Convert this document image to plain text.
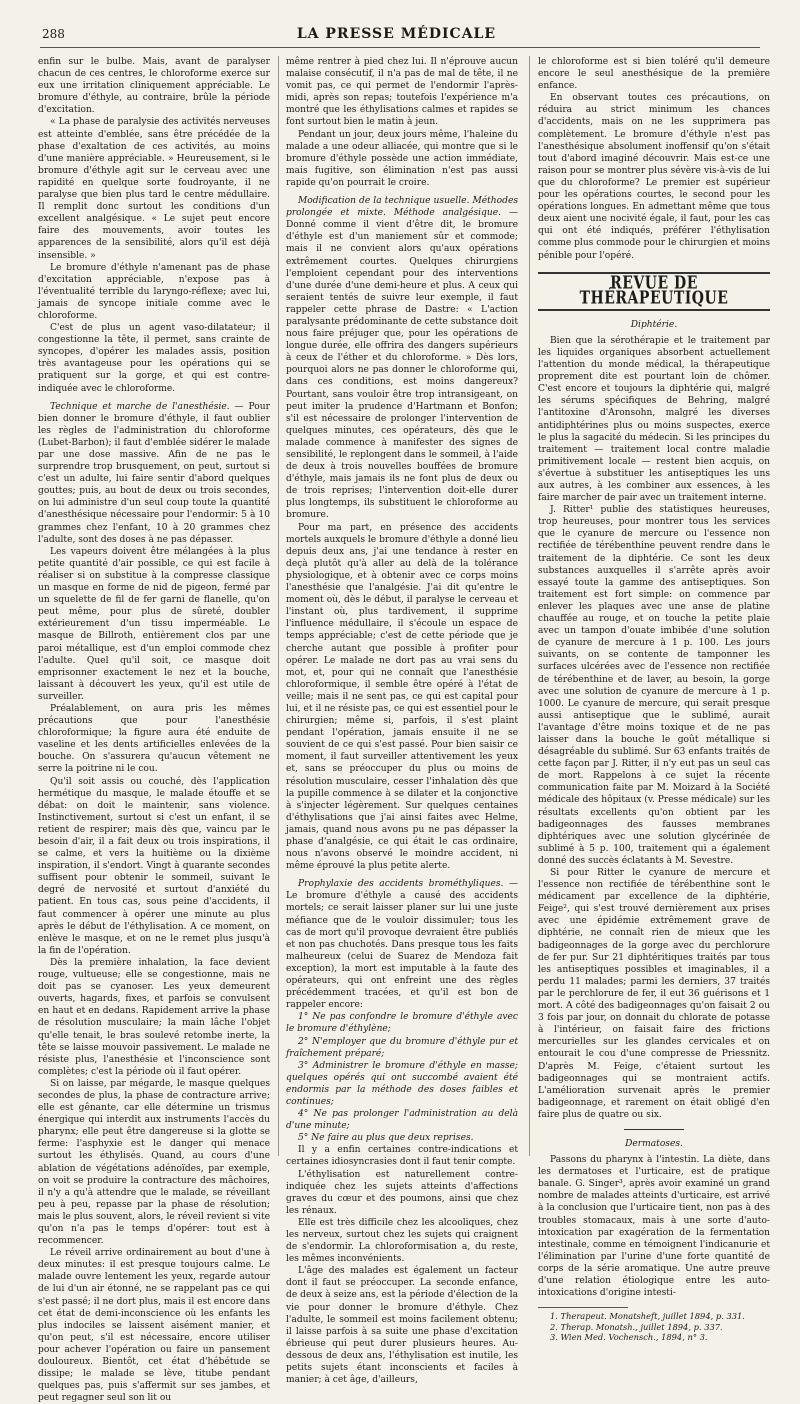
288	LA PRESSE MÉDICALE

enfin sur le bulbe. Mais, avant de paralyser chacun de ces centres, le chloroforme exerce sur eux une irritation cliniquement appréciable. Le bromure d'éthyle, au contraire, brûle la période d'excitation.

« La phase de paralysie des activités nerveuses est atteinte d'emblée, sans être précédée de la phase d'exaltation de ces activités, au moins d'une manière appréciable. » Heureusement, si le bromure d'éthyle agit sur le cerveau avec une rapidité en quelque sorte foudroyante, il ne paralyse que bien plus tard le centre médullaire. Il remplit donc surtout les conditions d'un excellent analgésique. « Le sujet peut encore faire des mouvements, avoir toutes les apparences de la sensibilité, alors qu'il est déjà insensible. »

Le bromure d'éthyle n'amenant pas de phase d'excitation appréciable, n'expose pas à l'éventualité terrible du laryngo-réflexe; avec lui, jamais de syncope initiale comme avec le chloroforme.

C'est de plus un agent vaso-dilatateur; il congestionne la tête, il permet, sans crainte de syncopes, d'opérer les malades assis, position très avantageuse pour les opérations qui se pratiquent sur la gorge, et qui est contre-indiquée avec le chloroforme.

Technique et marche de l'anesthésie. — Pour bien donner le bromure d'éthyle, il faut oublier les règles de l'administration du chloroforme (Lubet-Barbon); il faut d'emblée sidérer le malade par une dose massive. Afin de ne pas le surprendre trop brusquement, on peut, surtout si c'est un adulte, lui faire sentir d'abord quelques gouttes; puis, au bout de deux ou trois secondes, on lui administre d'un seul coup toute la quantité d'anesthésique nécessaire pour l'endormir: 5 à 10 grammes chez l'enfant, 10 à 20 grammes chez l'adulte, sont des doses à ne pas dépasser.

Les vapeurs doivent être mélangées à la plus petite quantité d'air possible, ce qui est facile à réaliser si on substitue à la compresse classique un masque en forme de nid de pigeon, fermé par un squelette de fil de fer garni de flanelle, qu'on peut même, pour plus de sûreté, doubler extérieurement d'un tissu imperméable. Le masque de Billroth, entièrement clos par une paroi métallique, est d'un emploi commode chez l'adulte. Quel qu'il soit, ce masque doit emprisonner exactement le nez et la bouche, laissant à découvert les yeux, qu'il est utile de surveiller.

Préalablement, on aura pris les mêmes précautions que pour l'anesthésie chloroformique; la figure aura été enduite de vaseline et les dents artificielles enlevées de la bouche. On s'assurera qu'aucun vêtement ne serre la poitrine ni le cou.

Qu'il soit assis ou couché, dès l'application hermétique du masque, le malade étouffe et se débat: on doit le maintenir, sans violence. Instinctivement, surtout si c'est un enfant, il se retient de respirer; mais dès que, vaincu par le besoin d'air, il a fait deux ou trois inspirations, il se calme, et vers la huitième ou la dixième inspiration, il s'endort. Vingt à quarante secondes suffisent pour obtenir le sommeil, suivant le degré de nervosité et surtout d'anxiété du patient. En tous cas, sous peine d'accidents, il faut commencer à opérer une minute au plus après le début de l'éthylisation. A ce moment, on enlève le masque, et on ne le remet plus jusqu'à la fin de l'opération.

Dès la première inhalation, la face devient rouge, vultueuse; elle se congestionne, mais ne doit pas se cyanoser. Les yeux demeurent ouverts, hagards, fixes, et parfois se convulsent en haut et en dedans. Rapidement arrive la phase de résolution musculaire; la main lâche l'objet qu'elle tenait, le bras soulevé retombe inerte, la tête se laisse mouvoir passivement. Le malade ne résiste plus, l'anesthésie et l'inconscience sont complètes; c'est la période où il faut opérer.

Si on laisse, par mégarde, le masque quelques secondes de plus, la phase de contracture arrive; elle est gênante, car elle détermine un trismus énergique qui interdit aux instruments l'accès du pharynx; elle peut être dangereuse si la glotte se ferme: l'asphyxie est le danger qui menace surtout les éthylisés. Quand, au cours d'une ablation de végétations adénoïdes, par exemple, on voit se produire la contracture des mâchoires, il n'y a qu'à attendre que le malade, se réveillant peu à peu, repasse par la phase de résolution; mais le plus souvent, alors, le réveil revient si vite qu'on n'a pas le temps d'opérer: tout est à recommencer.

Le réveil arrive ordinairement au bout d'une à deux minutes: il est presque toujours calme. Le malade ouvre lentement les yeux, regarde autour de lui d'un air étonné, ne se rappelant pas ce qui s'est passé; il ne dort plus, mais il est encore dans cet état de demi-inconscience où les enfants les plus indociles se laissent aisément manier, et qu'on peut, s'il est nécessaire, encore utiliser pour achever l'opération ou faire un pansement douloureux. Bientôt, cet état d'hébétude se dissipe; le malade se lève, titube pendant quelques pas, puis s'affermit sur ses jambes, et peut regagner seul son lit ou

même rentrer à pied chez lui. Il n'éprouve aucun malaise consécutif, il n'a pas de mal de tête, il ne vomit pas, ce qui permet de l'endormir l'après-midi, après son repas; toutefois l'expérience m'a montré que les éthylisations calmes et rapides se font surtout bien le matin à jeun.

Pendant un jour, deux jours même, l'haleine du malade a une odeur alliacée, qui montre que si le bromure d'éthyle possède une action immédiate, mais fugitive, son élimination n'est pas aussi rapide qu'on pourrait le croire.

Modification de la technique usuelle. Méthodes prolongée et mixte. Méthode analgésique. — Donné comme il vient d'être dit, le bromure d'éthyle est d'un maniement sûr et commode; mais il ne convient alors qu'aux opérations extrêmement courtes. Quelques chirurgiens l'emploient cependant pour des interventions d'une durée d'une demi-heure et plus. A ceux qui seraient tentés de suivre leur exemple, il faut rappeler cette phrase de Dastre: « L'action paralysante prédominante de cette substance doit nous faire préjuger que, pour les opérations de longue durée, elle offrira des dangers supérieurs à ceux de l'éther et du chloroforme. » Dès lors, pourquoi alors ne pas donner le chloroforme qui, dans ces conditions, est moins dangereux? Pourtant, sans vouloir être trop intransigeant, on peut imiter la prudence d'Hartmann et Bonfon; s'il est nécessaire de prolonger l'intervention de quelques minutes, ces opérateurs, dès que le malade commence à manifester des signes de sensibilité, le replongent dans le sommeil, à l'aide de deux à trois nouvelles bouffées de bromure d'éthyle, mais jamais ils ne font plus de deux ou de trois reprises; l'intervention doit-elle durer plus longtemps, ils substituent le chloroforme au bromure.

Pour ma part, en présence des accidents mortels auxquels le bromure d'éthyle a donné lieu depuis deux ans, j'ai une tendance à rester en deçà plutôt qu'à aller au delà de la tolérance physiologique, et à obtenir avec ce corps moins l'anesthésie que l'analgésie. J'ai dit qu'entre le moment où, dès le début, il paralyse le cerveau et l'instant où, plus tardivement, il supprime l'influence médullaire, il s'écoule un espace de temps appréciable; c'est de cette période que je cherche autant que possible à profiter pour opérer. Le malade ne dort pas au vrai sens du mot, et, pour qui ne connaît que l'anesthésie chloroformique, il semble être opéré à l'état de veille; mais il ne sent pas, ce qui est capital pour lui, et il ne résiste pas, ce qui est essentiel pour le chirurgien; même si, parfois, il s'est plaint pendant l'opération, jamais ensuite il ne se souvient de ce qui s'est passé. Pour bien saisir ce moment, il faut surveiller attentivement les yeux et, sans se préoccuper du plus ou moins de résolution musculaire, cesser l'inhalation dès que la pupille commence à se dilater et la conjonctive à s'injecter légèrement. Sur quelques centaines d'éthylisations que j'ai ainsi faites avec Helme, jamais, quand nous avons pu ne pas dépasser la phase d'analgésie, ce qui était le cas ordinaire, nous n'avons observé le moindre accident, ni même éprouvé la plus petite alerte.

Prophylaxie des accidents brométhyliques. — Le bromure d'éthyle a causé des accidents mortels; ce serait laisser planer sur lui une juste méfiance que de le vouloir dissimuler; tous les cas de mort qu'il provoque devraient être publiés et non pas chuchotés. Dans presque tous les faits malheureux (celui de Suarez de Mendoza fait exception), la mort est imputable à la faute des opérateurs, qui ont enfreint une des règles précédemment tracées, et qu'il est bon de rappeler encore:

1° Ne pas confondre le bromure d'éthyle avec le bromure d'éthylène;

2° N'employer que du bromure d'éthyle pur et fraîchement préparé;

3° Administrer le bromure d'éthyle en masse; quelques opérés qui ont succombé avaient été endormis par la méthode des doses faibles et continues;

4° Ne pas prolonger l'administration au delà d'une minute;

5° Ne faire au plus que deux reprises.

Il y a enfin certaines contre-indications et certaines idiosyncrasies dont il faut tenir compte.

L'éthylisation est naturellement contre-indiquée chez les sujets atteints d'affections graves du cœur et des poumons, ainsi que chez les rénaux.

Elle est très difficile chez les alcooliques, chez les nerveux, surtout chez les sujets qui craignent de s'endormir. La chloroformisation a, du reste, les mêmes inconvénients.

L'âge des malades est également un facteur dont il faut se préoccuper. La seconde enfance, de deux à seize ans, est la période d'élection de la vie pour donner le bromure d'éthyle. Chez l'adulte, le sommeil est moins facilement obtenu; il laisse parfois à sa suite une phase d'excitation ébrieuse qui peut durer plusieurs heures. Au-dessous de deux ans, l'éthylisation est inutile, les petits sujets étant inconscients et faciles à manier; à cet âge, d'ailleurs,

le chloroforme est si bien toléré qu'il demeure encore le seul anesthésique de la première enfance.

En observant toutes ces précautions, on réduira au strict minimum les chances d'accidents, mais on ne les supprimera pas complètement. Le bromure d'éthyle n'est pas l'anesthésique absolument inoffensif qu'on s'était tout d'abord imaginé découvrir. Mais est-ce une raison pour se montrer plus sévère vis-à-vis de lui que du chloroforme? Le premier est supérieur pour les opérations courtes, le second pour les opérations longues. En admettant même que tous deux aient une nocivité égale, il faut, pour les cas qui ont été indiqués, préférer l'éthylisation comme plus commode pour le chirurgien et moins pénible pour l'opéré.

REVUE DE THÉRAPEUTIQUE

Diphtérie.

Bien que la sérothérapie et le traitement par les liquides organiques absorbent actuellement l'attention du monde médical, la thérapeutique proprement dite est pourtant loin de chômer. C'est encore et toujours la diphtérie qui, malgré les sérums spécifiques de Behring, malgré l'antitoxine d'Aronsohn, malgré les diverses antidiphtérines plus ou moins suspectes, exerce le plus la sagacité du médecin. Si les principes du traitement — traitement local contre maladie primitivement locale — restent bien acquis, on s'évertue à substituer les antiseptiques les uns aux autres, à les combiner aux essences, à les faire marcher de pair avec un traitement interne.

J. Ritter¹ publie des statistiques heureuses, trop heureuses, pour montrer tous les services que le cyanure de mercure ou l'essence non rectifiée de térébenthine peuvent rendre dans le traitement de la diphtérie. Ce sont les deux substances auxquelles il s'arrête après avoir essayé toute la gamme des antiseptiques. Son traitement est fort simple: on commence par enlever les plaques avec une anse de platine chauffée au rouge, et on touche la petite plaie avec un tampon d'ouate imbibée d'une solution de cyanure de mercure à 1 p. 100. Les jours suivants, on se contente de tamponner les surfaces ulcérées avec de l'essence non rectifiée de térébenthine et de laver, au besoin, la gorge avec une solution de cyanure de mercure à 1 p. 1000. Le cyanure de mercure, qui serait presque aussi antiseptique que le sublimé, aurait l'avantage d'être moins toxique et de ne pas laisser dans la bouche le goût métallique si désagréable du sublimé. Sur 63 enfants traités de cette façon par J. Ritter, il n'y eut pas un seul cas de mort. Rappelons à ce sujet la récente communication faite par M. Moizard à la Société médicale des hôpitaux (v. Presse médicale) sur les résultats excellents qu'on obtient par les badigeonnages des fausses membranes diphtériques avec une solution glycérinée de sublimé à 5 p. 100, traitement qui a également donné des succès éclatants à M. Sevestre.

Si pour Ritter le cyanure de mercure et l'essence non rectifiée de térébenthine sont le médicament par excellence de la diphtérie, Feige², qui s'est trouvé dernièrement aux prises avec une épidémie extrêmement grave de diphtérie, ne connaît rien de mieux que les badigeonnages de la gorge avec du perchlorure de fer pur. Sur 21 diphtéritiques traités par tous les antiseptiques possibles et imaginables, il a perdu 11 malades; parmi les derniers, 37 traités par le perchlorure de fer, il eut 36 guérisons et 1 mort. A côté des badigeonnages qu'on faisait 2 ou 3 fois par jour, on donnait du chlorate de potasse à l'intérieur, on faisait faire des frictions mercurielles sur les glandes cervicales et on entourait le cou d'une compresse de Priessnitz. D'après M. Feige, c'étaient surtout les badigeonnages qui se montraient actifs. L'amélioration survenait après le premier badigeonnage, et rarement on était obligé d'en faire plus de quatre ou six.

Dermatoses.

Passons du pharynx à l'intestin. La diète, dans les dermatoses et l'urticaire, est de pratique banale. G. Singer³, après avoir examiné un grand nombre de malades atteints d'urticaire, est arrivé à la conclusion que l'urticaire tient, non pas à des troubles stomacaux, mais à une sorte d'auto-intoxication par exagération de la fermentation intestinale, comme en témoignent l'indicanurie et l'élimination par l'urine d'une forte quantité de corps de la série aromatique. Une autre preuve d'une relation étiologique entre les auto-intoxications d'origine intesti-

1. Therapeut. Monatsheft, juillet 1894, p. 331.

2. Therap. Monatsh., juillet 1894, p. 337.

3. Wien Med. Vochensch., 1894, n° 3.
